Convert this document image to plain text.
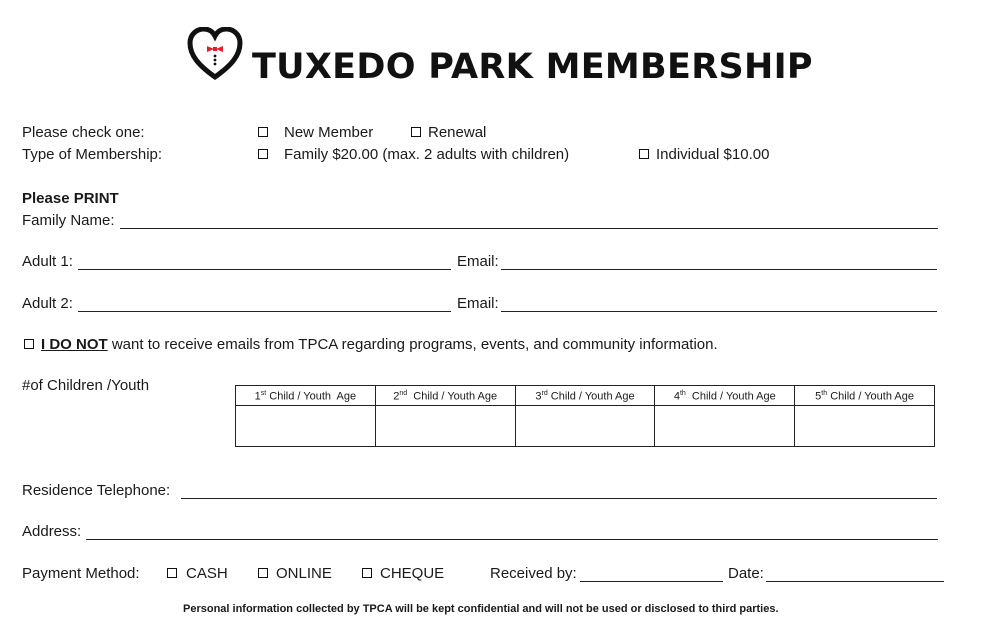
TUXEDO PARK MEMBERSHIP
Please check one:	New Member	Renewal
Type of Membership:	Family $20.00 (max. 2 adults with children)	Individual $10.00
Please PRINT
Family Name:
Adult 1:	Email:
Adult 2:	Email:
I DO NOT want to receive emails from TPCA regarding programs, events, and community information.
#of Children /Youth
1st Child / Youth  Age	2nd  Child / Youth Age	3rd Child / Youth Age	4th  Child / Youth Age	5th Child / Youth Age

Residence Telephone:
Address:
Payment Method:	CASH	ONLINE	CHEQUE	Received by:	Date:
Personal information collected by TPCA will be kept confidential and will not be used or disclosed to third parties.
